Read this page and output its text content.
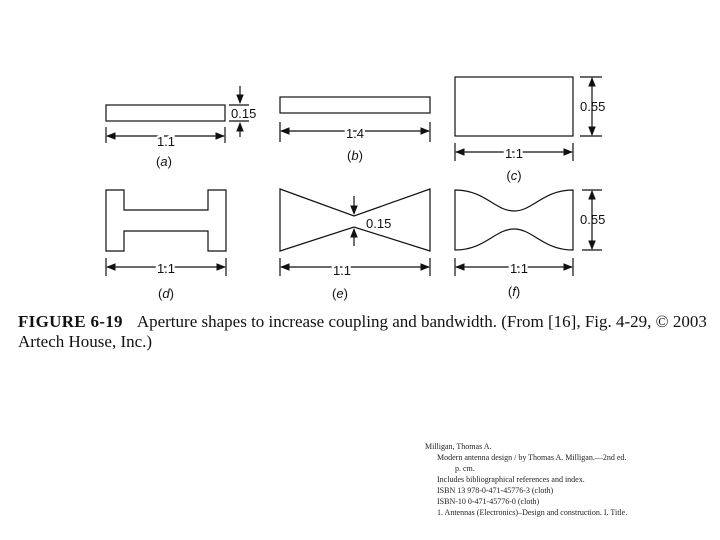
1.1
0.15
1.4
1.1
0.55
1.1	1.1
0.15
1.1
0.55
(a)	(b)
(c)
(d)	(e)	(f)
FIGURE 6-19 Aperture shapes to increase coupling and bandwidth. (From [16], Fig. 4-29, © 2003 Artech House, Inc.)
Milligan, Thomas A.
Modern antenna design / by Thomas A. Milligan.—2nd ed.
p. cm.
Includes bibliographical references and index.
ISBN 13 978-0-471-45776-3 (cloth)
ISBN-10 0-471-45776-0 (cloth)
1. Antennas (Electronics)–Design and construction. I. Title.
